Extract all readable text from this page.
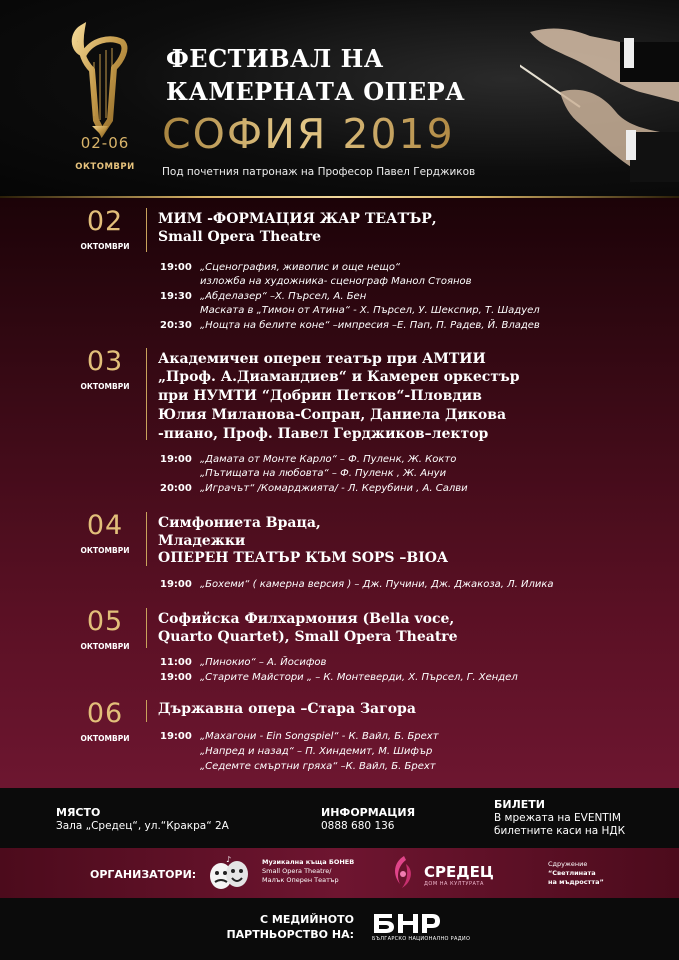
02-06
ОКТОМВРИ
ФЕСТИВАЛ НА
КАМЕРНАТА ОПЕРА
СОФИЯ 2019
Под почетния патронаж на Професор Павел Герджиков
02
ОКТОМВРИ
МИМ -ФОРМАЦИЯ ЖАР ТЕАТЪР,
Small Opera Theatre
19:00 „Сценография, живопис и още нещо“
изложба на художника- сценограф Манол Стоянов
19:30 „Абделазер“ –Х. Пърсел, А. Бен
Маската в „Тимон от Атина“ - Х. Пърсел, У. Шекспир, Т. Шадуел
20:30 „Нощта на белите коне“ –импресия –Е. Пап, П. Радев, Й. Владев
03
ОКТОМВРИ
Академичен оперен театър при АМТИИ
„Проф. А.Диамандиев“ и Камерен оркестър
при НУМТИ “Добрин Петков“-Пловдив
Юлия Миланова-Сопран, Даниела Дикова
-пиано, Проф. Павел Герджиков–лектор
19:00 „Дамата от Монте Карло“ – Ф. Пуленк, Ж. Кокто
„Пътищата на любовта“ – Ф. Пуленк , Ж. Ануи
20:00 „Играчът“ /Комарджията/ - Л. Керубини , А. Салви
04
ОКТОМВРИ
Симфониета Враца,
Младежки
ОПЕРЕН ТЕАТЪР КЪМ SOPS –BIOA
19:00 „Бохеми“ ( камерна версия ) – Дж. Пучини, Дж. Джакоза, Л. Илика
05
ОКТОМВРИ
Софийска Филхармония (Bella voce,
Quarto Quartet), Small Opera Theatre
11:00 „Пинокио“ – А. Йосифов
19:00 „Старите Майстори „ – К. Монтеверди, Х. Пърсел, Г. Хендел
06
ОКТОМВРИ
Държавна опера –Стара Загора
19:00 „Махагони - Ein Songspiel“ - К. Вайл, Б. Брехт
„Напред и назад“ – П. Хиндемит, М. Шифър
„Седемте смъртни гряха“ –К. Вайл, Б. Брехт
МЯСТО
Зала „Средец“, ул.“Кракра“ 2А
ИНФОРМАЦИЯ
0888 680 136
БИЛЕТИ
В мрежата на EVENTIM
билетните каси на НДК
ОРГАНИЗАТОРИ:
♪	Музикална къща БОНЕВ
Small Opera Theatre/
Малък Оперен Театър	СРЕДЕЦ
ДОМ НА КУЛТУРАТА
Сдружение
“Светлината
на мъдростта”
С МЕДИЙНОТО
ПАРТНЬОРСТВО НА:	БЪЛГАРСКО НАЦИОНАЛНО РАДИО
